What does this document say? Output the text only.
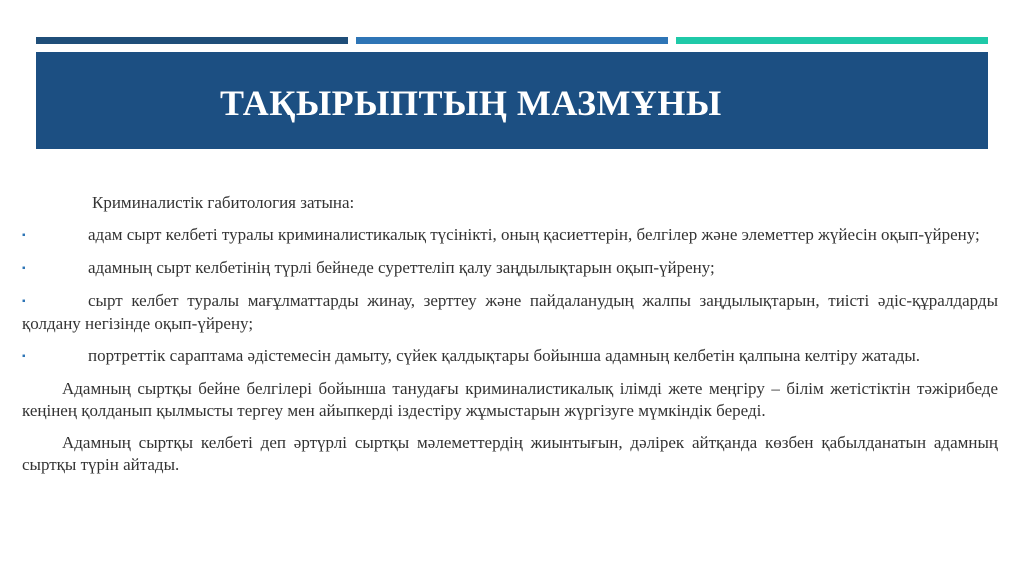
ТАҚЫРЫПТЫҢ МАЗМҰНЫ

Криминалистік габитология затына:

▪	адам сырт келбеті туралы криминалистикалық түсінікті, оның қасиеттерін, белгілер және элеметтер жүйесін оқып-үйрену;

▪	адамның сырт келбетінің түрлі бейнеде суреттеліп қалу заңдылықтарын оқып-үйрену;

▪	сырт келбет туралы мағұлматтарды жинау, зерттеу және пайдаланудың жалпы заңдылықтарын, тиісті әдіс-құралдарды қолдану негізінде оқып-үйрену;

▪	портреттік сараптама әдістемесін дамыту, сүйек қалдықтары бойынша адамның келбетін қалпына келтіру жатады.

Адамның сыртқы бейне белгілері бойынша танудағы криминалистикалық ілімді жете меңгіру – білім жетістіктін тәжірибеде кеңінең қолданып қылмысты тергеу мен айыпкерді іздестіру жұмыстарын жүргізуге мүмкіндік береді.

Адамның сыртқы келбеті деп әртүрлі сыртқы мәлеметтердің жиынтығын, дәлірек айтқанда көзбен қабылданатын адамның сыртқы түрін айтады.
